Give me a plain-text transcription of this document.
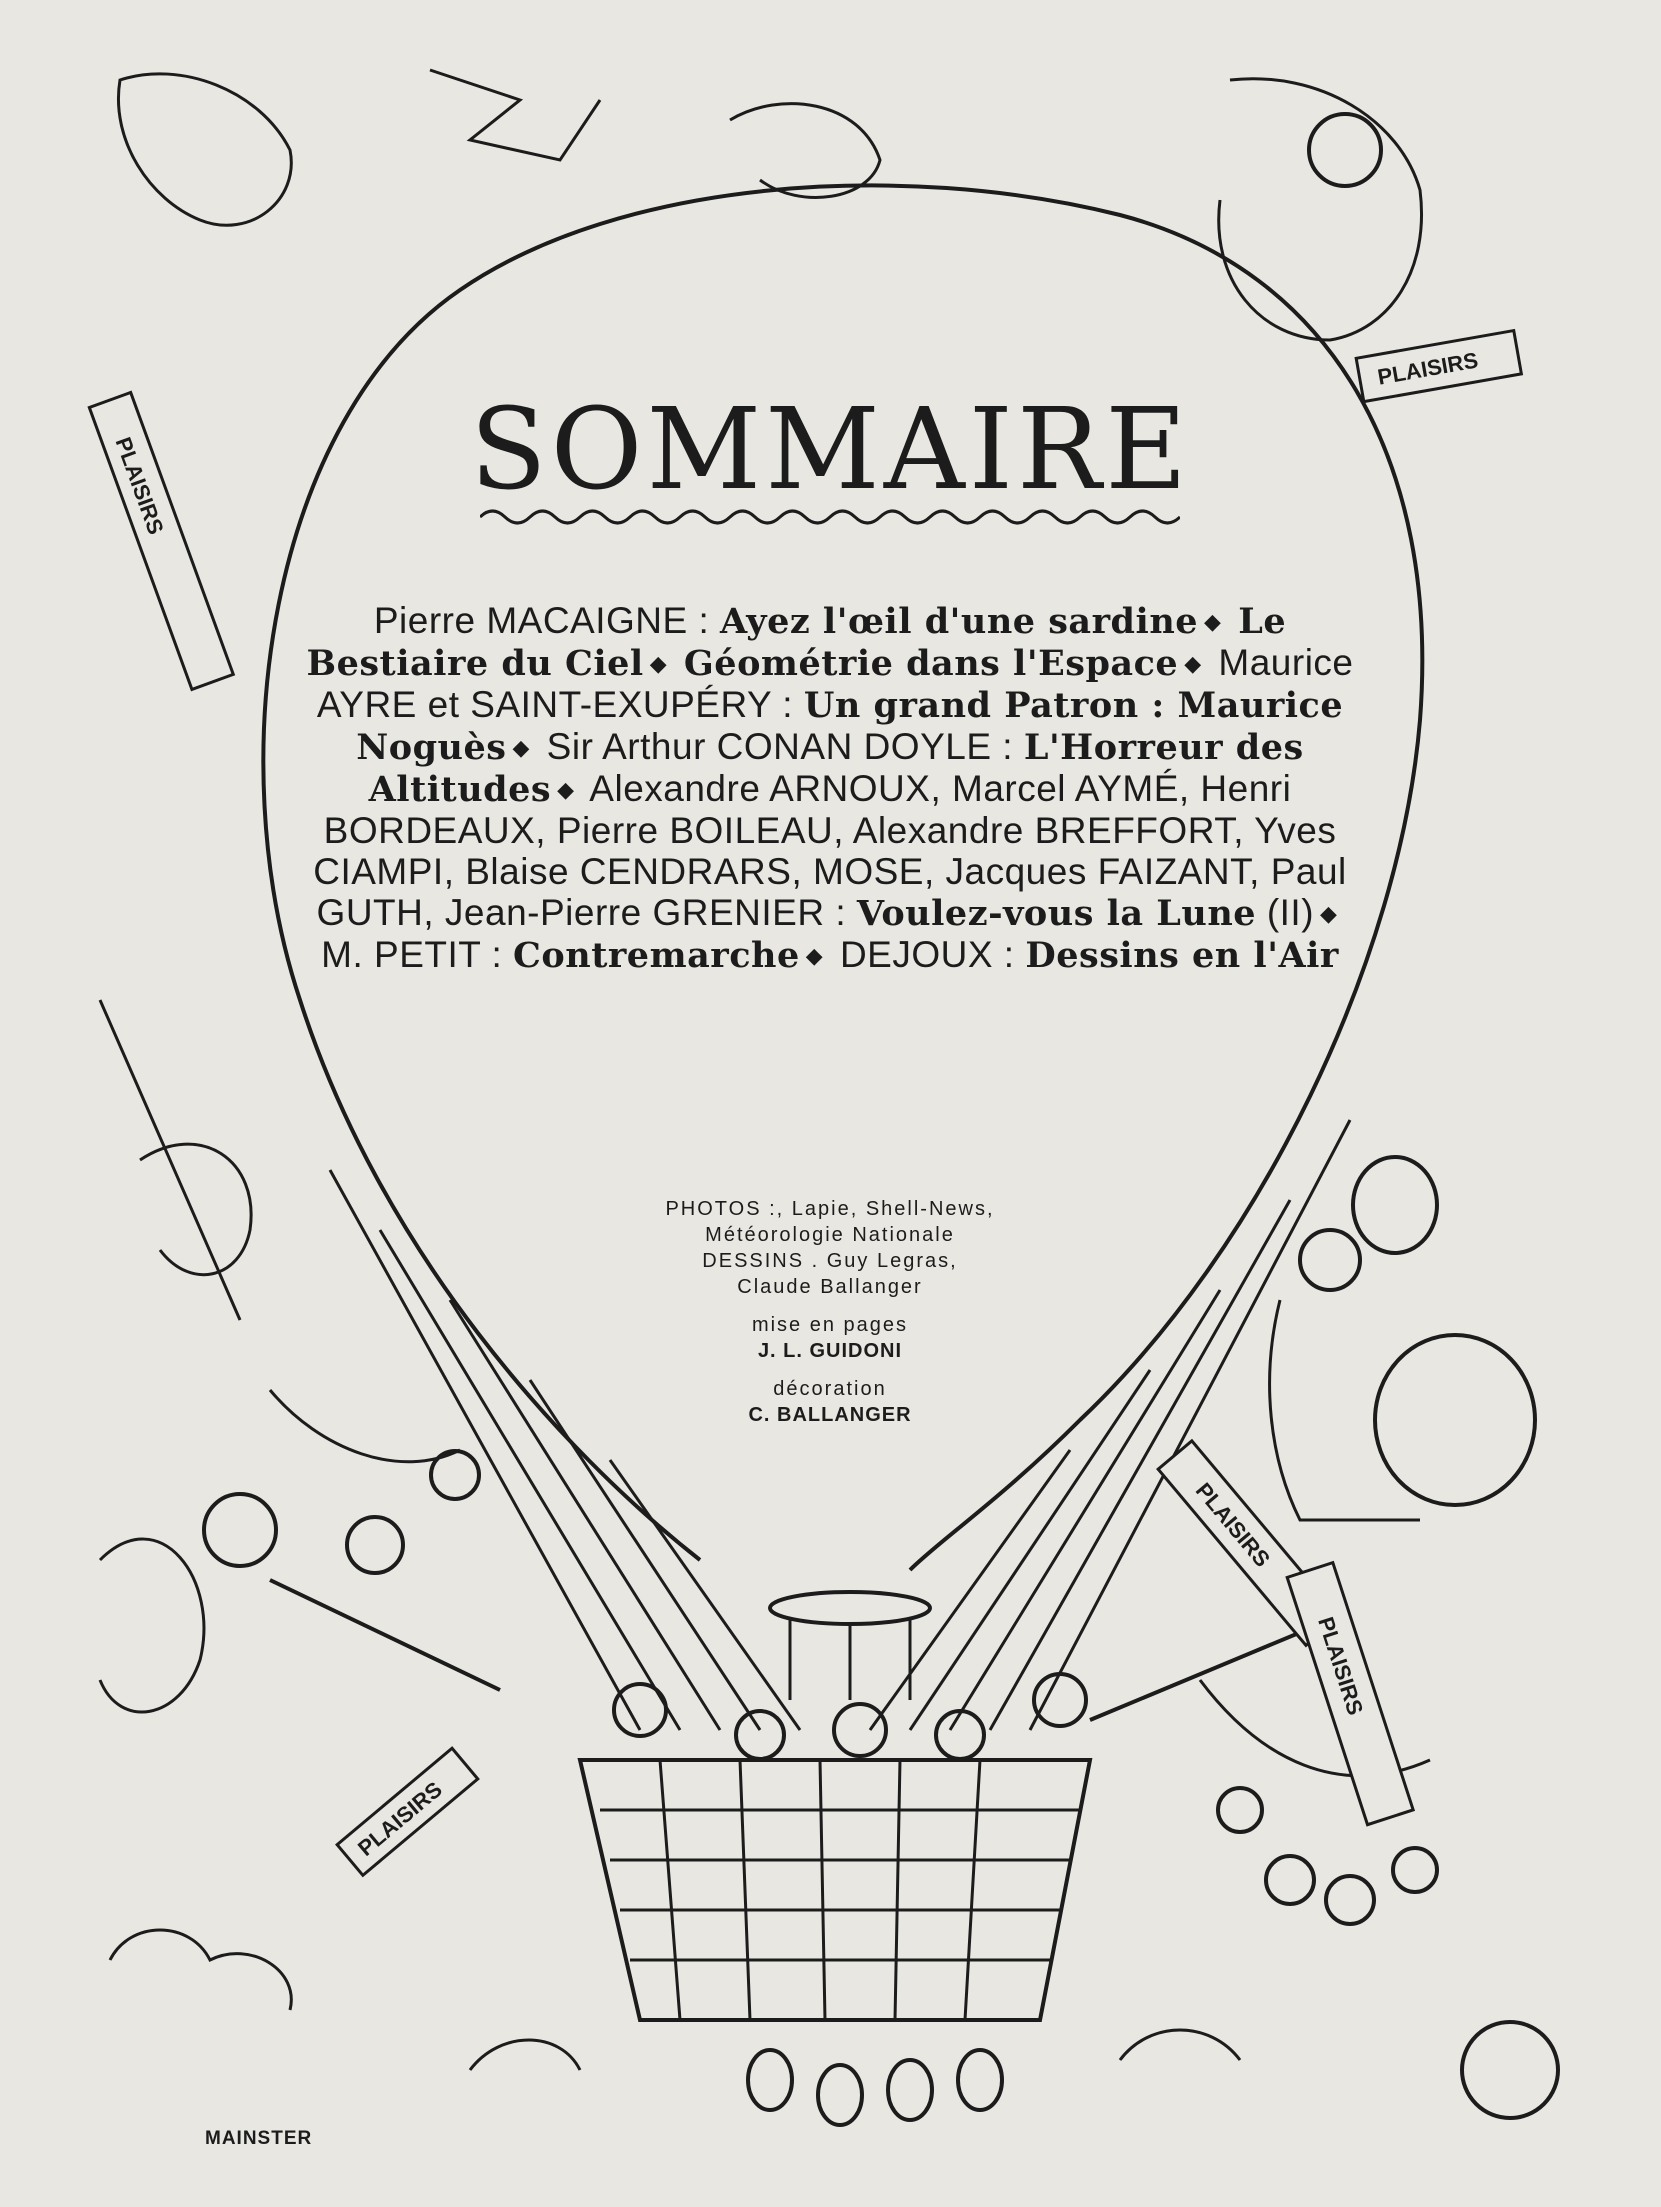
PLAISIRS
PLAISIRS
PLAISIRS
PLAISIRS
PLAISIRS
SOMMAIRE
Pierre MACAIGNE : Ayez l'œil d'une sardine ◆ Le Bestiaire du Ciel ◆ Géométrie dans l'Espace ◆ Maurice AYRE et SAINT-EXUPÉRY : Un grand Patron : Maurice Noguès ◆ Sir Arthur CONAN DOYLE : L'Horreur des Altitudes ◆ Alexandre ARNOUX, Marcel AYMÉ, Henri BORDEAUX, Pierre BOILEAU, Alexandre BREFFORT, Yves CIAMPI, Blaise CENDRARS, MOSE, Jacques FAIZANT, Paul GUTH, Jean-Pierre GRENIER : Voulez-vous la Lune (II) ◆ M. PETIT : Contremarche ◆ DEJOUX : Dessins en l'Air
PHOTOS :, Lapie, Shell-News,
Météorologie Nationale
DESSINS . Guy Legras,
Claude Ballanger
mise en pages
J. L. GUIDONI
décoration
C. BALLANGER
MAINSTER
